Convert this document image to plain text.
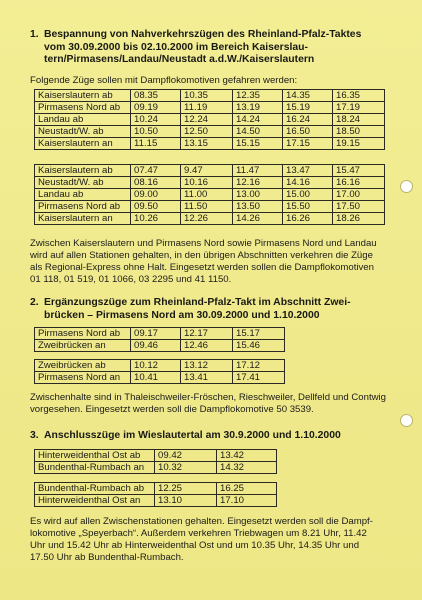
1. Bespannung von Nahverkehrszügen des Rheinland-Pfalz-Taktes
vom 30.09.2000 bis 02.10.2000 im Bereich Kaiserslau-
tern/Pirmasens/Landau/Neustadt a.d.W./Kaiserslautern
Folgende Züge sollen mit Dampflokomotiven gefahren werden:
Kaiserslautern ab	08.35	10.35	12.35	14.35	16.35
Pirmasens Nord ab	09.19	11.19	13.19	15.19	17.19
Landau ab	10.24	12.24	14.24	16.24	18.24
Neustadt/W. ab	10.50	12.50	14.50	16.50	18.50
Kaiserslautern an	11.15	13.15	15.15	17.15	19.15
Kaiserslautern ab	07.47	9.47	11.47	13.47	15.47
Neustadt/W. ab	08.16	10.16	12.16	14.16	16.16
Landau ab	09.00	11.00	13.00	15.00	17.00
Pirmasens Nord ab	09.50	11.50	13.50	15.50	17.50
Kaiserslautern an	10.26	12.26	14.26	16.26	18.26
Zwischen Kaiserslautern und Pirmasens Nord sowie Pirmasens Nord und Landau
wird auf allen Stationen gehalten, in den übrigen Abschnitten verkehren die Züge
als Regional-Express ohne Halt. Eingesetzt werden sollen die Dampflokomotiven
01 118, 01 519, 01 1066, 03 2295 und 41 1150.
2. Ergänzungszüge zum Rheinland-Pfalz-Takt im Abschnitt Zwei-
brücken – Pirmasens Nord am 30.09.2000 und 1.10.2000
Pirmasens Nord ab	09.17	12.17	15.17
Zweibrücken an	09.46	12.46	15.46
Zweibrücken ab	10.12	13.12	17.12
Pirmasens Nord an	10.41	13.41	17.41
Zwischenhalte sind in Thaleischweiler-Fröschen, Rieschweiler, Dellfeld und Contwig
vorgesehen. Eingesetzt werden soll die Dampflokomotive 50 3539.
3. Anschlusszüge im Wieslautertal am 30.9.2000 und 1.10.2000
Hinterweidenthal Ost ab	09.42	13.42
Bundenthal-Rumbach an	10.32	14.32
Bundenthal-Rumbach ab	12.25	16.25
Hinterweidenthal Ost an	13.10	17.10
Es wird auf allen Zwischenstationen gehalten. Eingesetzt werden soll die Dampf-
lokomotive „Speyerbach“. Außerdem verkehren Triebwagen um 8.21 Uhr, 11.42
Uhr und 15.42 Uhr ab Hinterweidenthal Ost und um 10.35 Uhr, 14.35 Uhr und
17.50 Uhr ab Bundenthal-Rumbach.
